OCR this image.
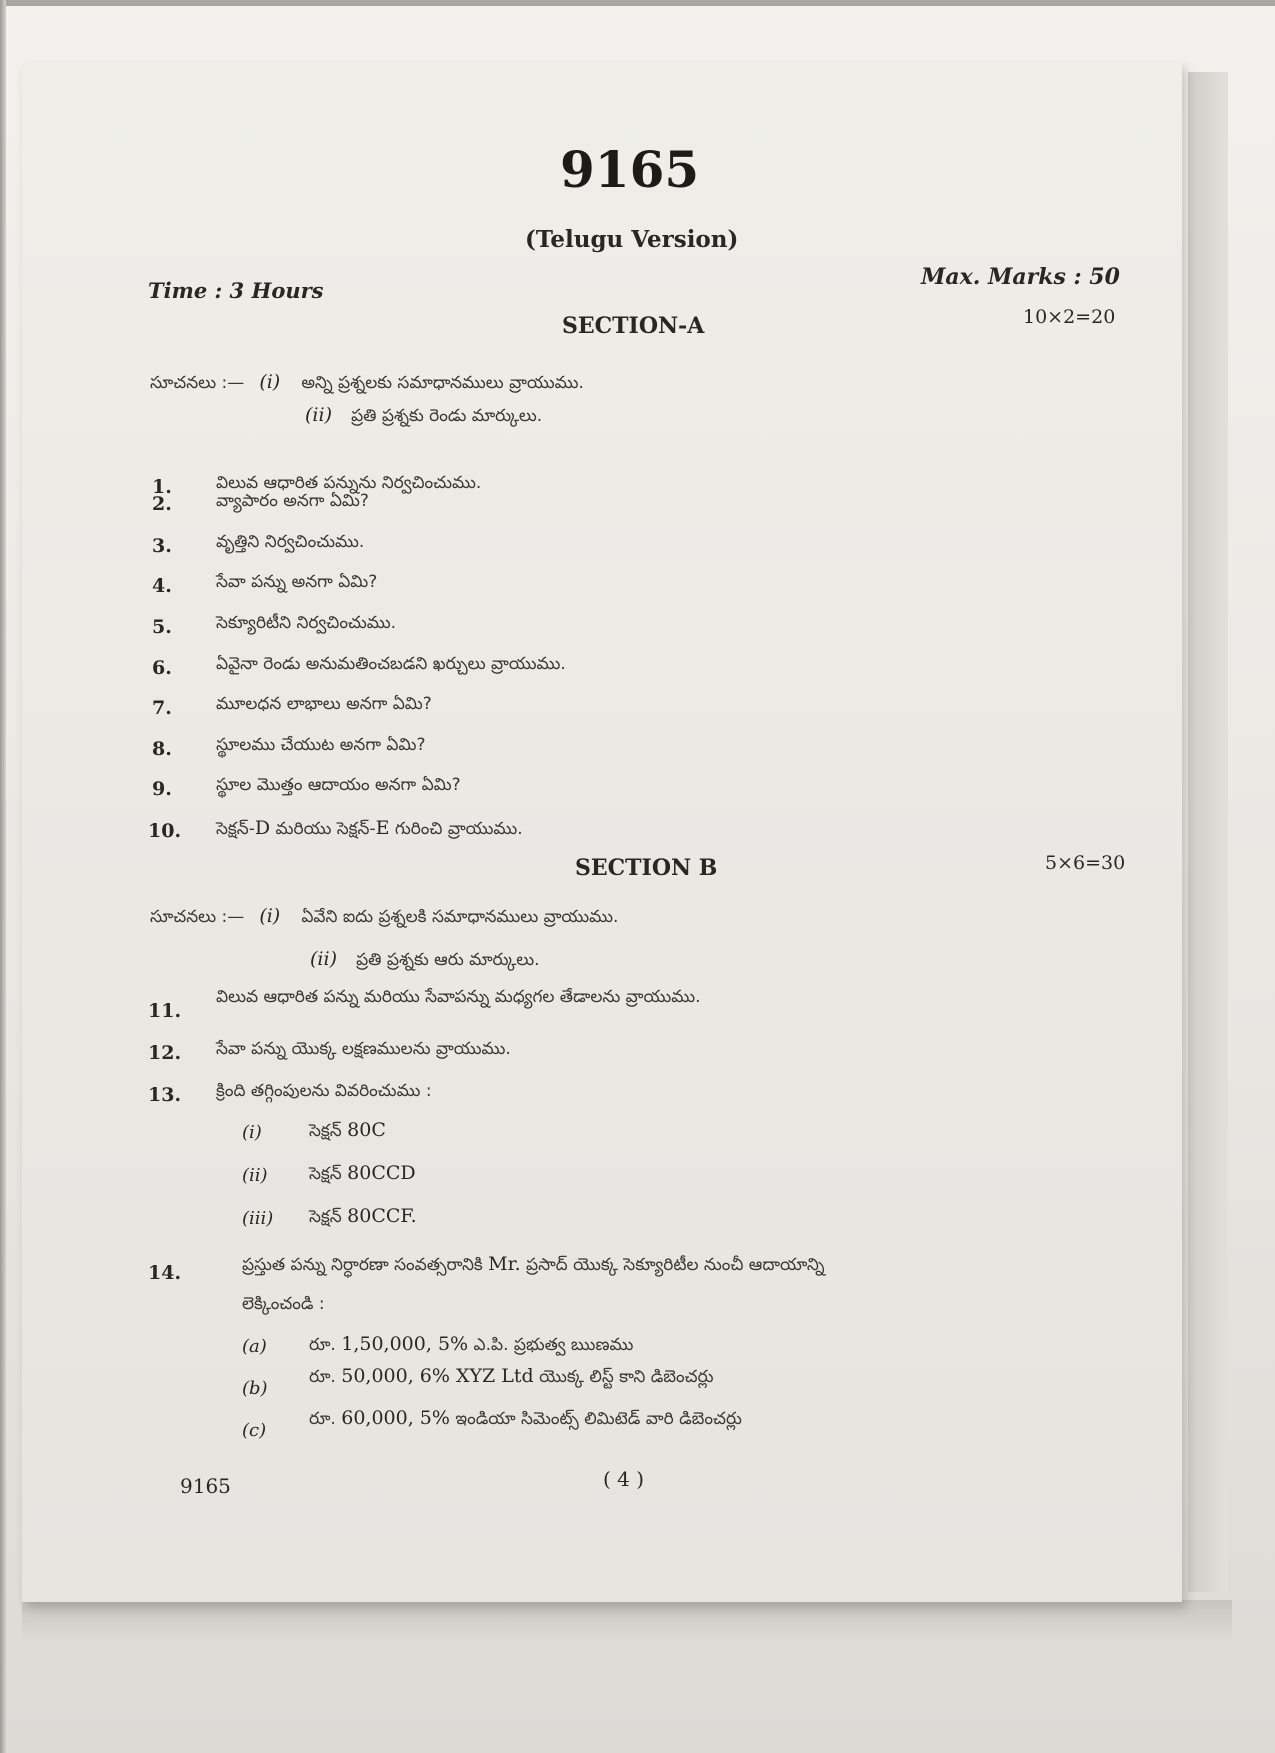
9165
(Telugu Version)
Time : 3 Hours
Max. Marks : 50
SECTION-A	10×2=20
సూచనలు :— (i) అన్ని ప్రశ్నలకు సమాధానములు వ్రాయుము.
(ii) ప్రతి ప్రశ్నకు రెండు మార్కులు.
1.	విలువ ఆధారిత పన్నును నిర్వచించుము.
2.	వ్యాపారం అనగా ఏమి?
3.	వృత్తిని నిర్వచించుము.
4.	సేవా పన్ను అనగా ఏమి?
5.	సెక్యూరిటీని నిర్వచించుము.
6.	ఏవైనా రెండు అనుమతించబడని ఖర్చులు వ్రాయుము.
7.	మూలధన లాభాలు అనగా ఏమి?
8.	స్థూలము చేయుట అనగా ఏమి?
9.	స్థూల మొత్తం ఆదాయం అనగా ఏమి?
10. సెక్షన్-D మరియు సెక్షన్-E గురించి వ్రాయుము.
SECTION B	5×6=30
సూచనలు :— (i) ఏవేని ఐదు ప్రశ్నలకి సమాధానములు వ్రాయుము.
(ii) ప్రతి ప్రశ్నకు ఆరు మార్కులు.
11.
విలువ ఆధారిత పన్ను మరియు సేవాపన్ను మధ్యగల తేడాలను వ్రాయుము.
12. సేవా పన్ను యొక్క లక్షణములను వ్రాయుము.
13. క్రింది తగ్గింపులను వివరించుము :
(i)	సెక్షన్ 80C
(ii) సెక్షన్ 80CCD
(iii) సెక్షన్ 80CCF.
14.	ప్రస్తుత పన్ను నిర్ధారణా సంవత్సరానికి Mr. ప్రసాద్ యొక్క సెక్యూరిటీల నుంచీ ఆదాయాన్ని
లెక్కించండి :
(a) రూ. 1,50,000, 5% ఎ.పి. ప్రభుత్వ ఋణము
(b)
రూ. 50,000, 6% XYZ Ltd యొక్క లిస్ట్ కాని డిబెంచర్లు
(c)
రూ. 60,000, 5% ఇండియా సిమెంట్స్ లిమిటెడ్ వారి డిబెంచర్లు
9165	( 4 )
